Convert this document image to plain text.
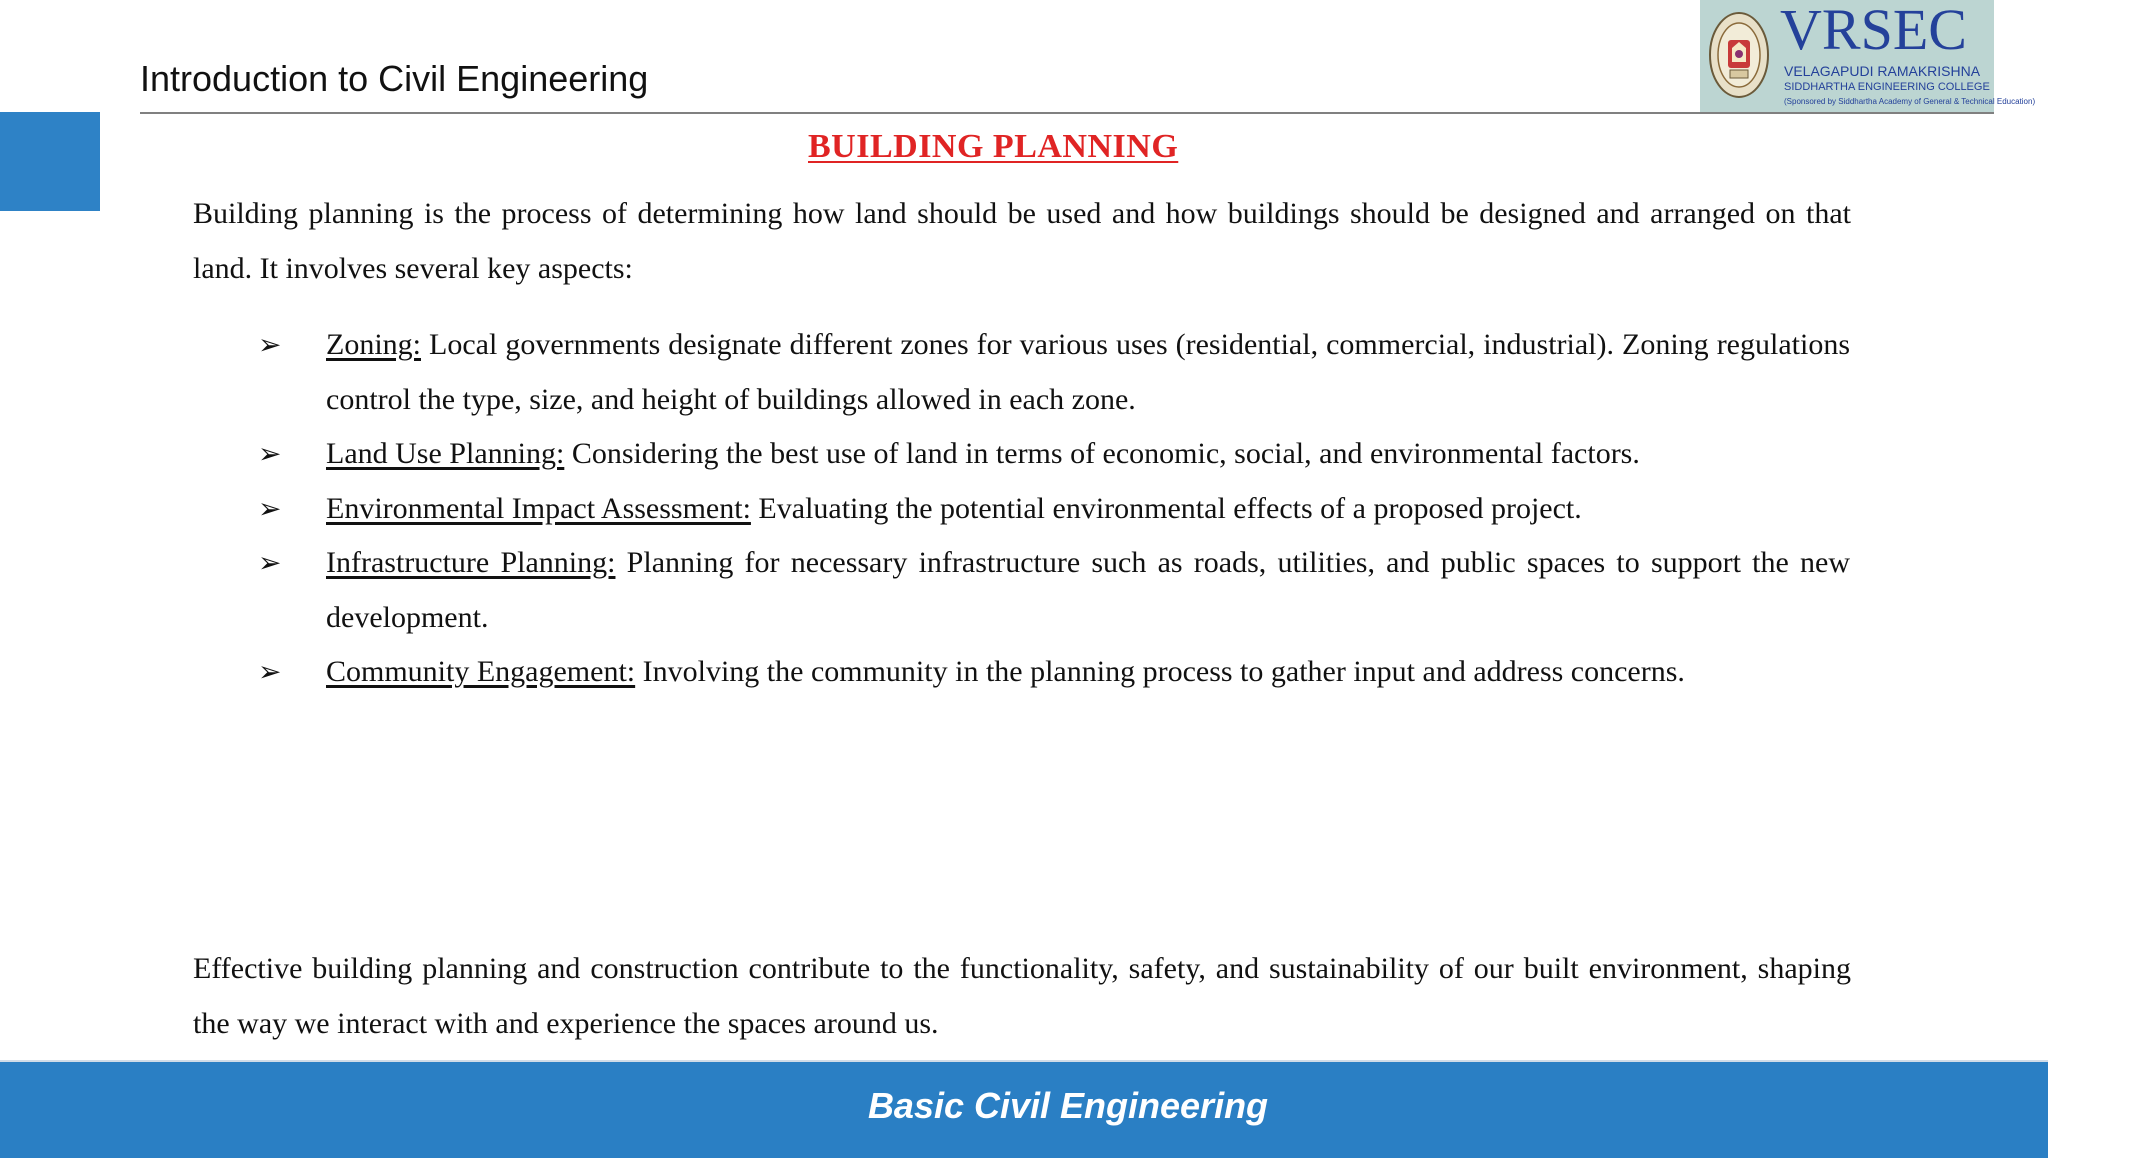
Introduction to Civil Engineering
VRSEC
VELAGAPUDI RAMAKRISHNA
SIDDHARTHA ENGINEERING COLLEGE
(Sponsored by Siddhartha Academy of General & Technical Education)
BUILDING PLANNING
Building planning is the process of determining how land should be used and how buildings should be designed and arranged on that land. It involves several key aspects:
➢ Zoning: Local governments designate different zones for various uses (residential, commercial, industrial). Zoning regulations control the type, size, and height of buildings allowed in each zone.
➢ Land Use Planning: Considering the best use of land in terms of economic, social, and environmental factors.
➢ Environmental Impact Assessment: Evaluating the potential environmental effects of a proposed project.
➢ Infrastructure Planning: Planning for necessary infrastructure such as roads, utilities, and public spaces to support the new development.
➢ Community Engagement: Involving the community in the planning process to gather input and address concerns.
Effective building planning and construction contribute to the functionality, safety, and sustainability of our built environment, shaping the way we interact with and experience the spaces around us.
Basic Civil Engineering
